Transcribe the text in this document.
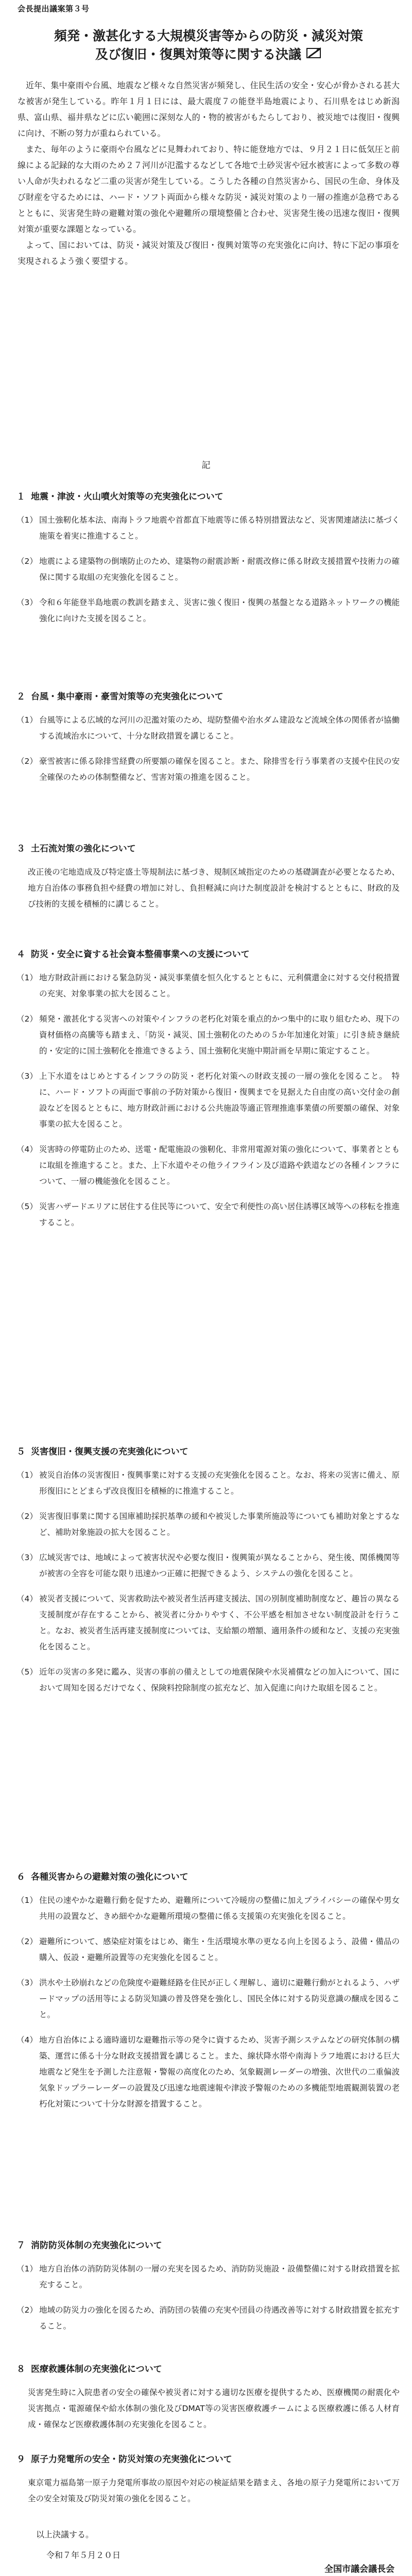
会長提出議案第３号
頻発・激甚化する大規模災害等からの防災・減災対策
及び復旧・復興対策等に関する決議

近年、集中豪雨や台風、地震など様々な自然災害が頻発し、住民生活の安全・安心が脅かされる甚大な被害が発生している。昨年１月１日には、最大震度７の能登半島地震により、石川県をはじめ新潟県、富山県、福井県などに広い範囲に深刻な人的・物的被害がもたらしており、被災地では復旧・復興に向け、不断の努力が重ねられている。

また、毎年のように豪雨や台風などに見舞われており、特に能登地方では、９月２１日に低気圧と前線による記録的な大雨のため２７河川が氾濫するなどして各地で土砂災害や冠水被害によって多数の尊い人命が失われるなど二重の災害が発生している。こうした各種の自然災害から、国民の生命、身体及び財産を守るためには、ハード・ソフト両面から様々な防災・減災対策のより一層の推進が急務であるとともに、災害発生時の避難対策の強化や避難所の環境整備と合わせ、災害発生後の迅速な復旧・復興対策が重要な課題となっている。

よって、国においては、防災・減災対策及び復旧・復興対策等の充実強化に向け、特に下記の事項を実現されるよう強く要望する。

記
１ 地震・津波・火山噴火対策等の充実強化について
（1） 国土強靭化基本法、南海トラフ地震や首都直下地震等に係る特別措置法など、災害関連諸法に基づく施策を着実に推進すること。
（2） 地震による建築物の倒壊防止のため、建築物の耐震診断・耐震改修に係る財政支援措置や技術力の確保に関する取組の充実強化を図ること。
（3） 令和６年能登半島地震の教訓を踏まえ、災害に強く復旧・復興の基盤となる道路ネットワークの機能強化に向けた支援を図ること。
２ 台風・集中豪雨・豪雪対策等の充実強化について
（1） 台風等による広域的な河川の氾濫対策のため、堤防整備や治水ダム建設など流域全体の関係者が協働する流域治水について、十分な財政措置を講じること。
（2） 豪雪被害に係る除排雪経費の所要額の確保を図ること。また、除排雪を行う事業者の支援や住民の安全確保のための体制整備など、雪害対策の推進を図ること。
３ 土石流対策の強化について
改正後の宅地造成及び特定盛土等規制法に基づき、規制区域指定のための基礎調査が必要となるため、地方自治体の事務負担や経費の増加に対し、負担軽減に向けた制度設計を検討するとともに、財政的及び技術的支援を積極的に講じること。
４ 防災・安全に資する社会資本整備事業への支援について
（1） 地方財政計画における緊急防災・減災事業債を恒久化するとともに、元利償還金に対する交付税措置の充実、対象事業の拡大を図ること。
（2） 頻発・激甚化する災害への対策やインフラの老朽化対策を重点的かつ集中的に取り組むため、現下の資材価格の高騰等も踏まえ、「防災・減災、国土強靭化のための５か年加速化対策」に引き続き継続的・安定的に国土強靭化を推進できるよう、国土強靭化実施中期計画を早期に策定すること。
（3） 上下水道をはじめとするインフラの防災・老朽化対策への財政支援の一層の強化を図ること。　特に、ハード・ソフトの両面で事前の予防対策から復旧・復興までを見据えた自由度の高い交付金の創設などを図るとともに、地方財政計画における公共施設等適正管理推進事業債の所要額の確保、対象事業の拡大を図ること。
（4） 災害時の停電防止のため、送電・配電施設の強靭化、非常用電源対策の強化について、事業者とともに取組を推進すること。また、上下水道やその他ライフライン及び道路や鉄道などの各種インフラについて、一層の機能強化を図ること。
（5） 災害ハザードエリアに居住する住民等について、安全で利便性の高い居住誘導区域等への移転を推進すること。
５ 災害復旧・復興支援の充実強化について
（1） 被災自治体の災害復旧・復興事業に対する支援の充実強化を図ること。なお、将来の災害に備え、原形復旧にとどまらず改良復旧を積極的に推進すること。
（2） 災害復旧事業に関する国庫補助採択基準の緩和や被災した事業所施設等についても補助対象とするなど、補助対象施設の拡大を図ること。
（3） 広域災害では、地域によって被害状況や必要な復旧・復興策が異なることから、発生後、関係機関等が被害の全容を可能な限り迅速かつ正確に把握できるよう、システムの強化を図ること。
（4） 被災者支援について、災害救助法や被災者生活再建支援法、国の別制度補助制度など、趣旨の異なる支援制度が存在することから、被災者に分かりやすく、不公平感を相加させない制度設計を行うこと。なお、被災者生活再建支援制度については、支給額の増額、適用条件の緩和など、支援の充実強化を図ること。
（5） 近年の災害の多発に鑑み、災害の事前の備えとしての地震保険や水災補償などの加入について、国において周知を図るだけでなく、保険料控除制度の拡充など、加入促進に向けた取組を図ること。
６ 各種災害からの避難対策の強化について
（1） 住民の速やかな避難行動を促すため、避難所について冷暖房の整備に加えプライバシーの確保や男女共用の設置など、きめ細やかな避難所環境の整備に係る支援策の充実強化を図ること。
（2） 避難所について、感染症対策をはじめ、衛生・生活環境水準の更なる向上を図るよう、設備・備品の購入、仮設・避難所設置等の充実強化を図ること。
（3） 洪水や土砂崩れなどの危険度や避難経路を住民が正しく理解し、適切に避難行動がとれるよう、ハザードマップの活用等による防災知識の普及啓発を強化し、国民全体に対する防災意識の醸成を図ること。
（4） 地方自治体による適時適切な避難指示等の発令に資するため、災害予測システムなどの研究体制の構築、運営に係る十分な財政支援措置を講じること。また、線状降水帯や南海トラフ地震における巨大地震など発生を予測した注意報・警報の高度化のため、気象観測レーダーの増強、次世代の二重偏波気象ドップラーレーダーの設置及び迅速な地震速報や津波予警報のための多機能型地震観測装置の老朽化対策について十分な財源を措置すること。
７ 消防防災体制の充実強化について
（1） 地方自治体の消防防災体制の一層の充実を図るため、消防防災施設・設備整備に対する財政措置を拡充すること。
（2） 地域の防災力の強化を図るため、消防団の装備の充実や団員の待遇改善等に対する財政措置を拡充すること。
８ 医療救護体制の充実強化について
災害発生時に入院患者の安全の確保や被災者に対する適切な医療を提供するため、医療機関の耐震化や災害拠点・電源確保や給水体制の強化及びDMAT等の災害医療救護チームによる医療救護に係る人材育成・確保など医療救護体制の充実強化を図ること。
９ 原子力発電所の安全・防災対策の充実強化について
東京電力福島第一原子力発電所事故の原因や対応の検証結果を踏まえ、各地の原子力発電所において万全の安全対策及び防災対策の強化を図ること。
以上決議する。
令和７年５月２０日
全国市議会議長会
